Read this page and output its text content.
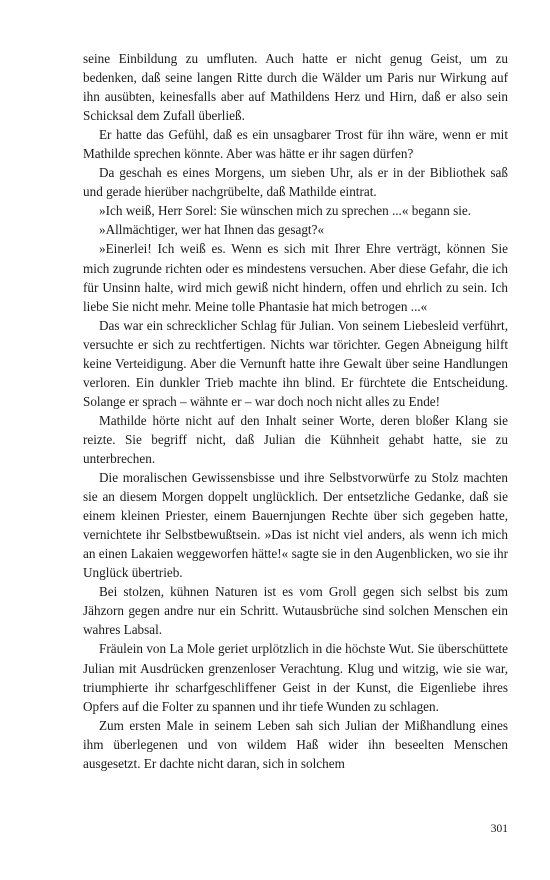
seine Einbildung zu umfluten. Auch hatte er nicht genug Geist, um zu bedenken, daß seine langen Ritte durch die Wälder um Paris nur Wirkung auf ihn ausübten, keinesfalls aber auf Mathildens Herz und Hirn, daß er also sein Schicksal dem Zufall überließ.

Er hatte das Gefühl, daß es ein unsagbarer Trost für ihn wäre, wenn er mit Mathilde sprechen könnte. Aber was hätte er ihr sagen dürfen?

Da geschah es eines Morgens, um sieben Uhr, als er in der Bibliothek saß und gerade hierüber nachgrübelte, daß Mathilde eintrat.

»Ich weiß, Herr Sorel: Sie wünschen mich zu sprechen ...« begann sie.

»Allmächtiger, wer hat Ihnen das gesagt?«

»Einerlei! Ich weiß es. Wenn es sich mit Ihrer Ehre verträgt, können Sie mich zugrunde richten oder es mindestens versuchen. Aber diese Gefahr, die ich für Unsinn halte, wird mich gewiß nicht hindern, offen und ehrlich zu sein. Ich liebe Sie nicht mehr. Meine tolle Phantasie hat mich betrogen ...«

Das war ein schrecklicher Schlag für Julian. Von seinem Liebesleid verführt, versuchte er sich zu rechtfertigen. Nichts war törichter. Gegen Abneigung hilft keine Verteidigung. Aber die Vernunft hatte ihre Gewalt über seine Handlungen verloren. Ein dunkler Trieb machte ihn blind. Er fürchtete die Entscheidung. Solange er sprach – wähnte er – war doch noch nicht alles zu Ende!

Mathilde hörte nicht auf den Inhalt seiner Worte, deren bloßer Klang sie reizte. Sie begriff nicht, daß Julian die Kühnheit gehabt hatte, sie zu unterbrechen.

Die moralischen Gewissensbisse und ihre Selbstvorwürfe zu Stolz machten sie an diesem Morgen doppelt unglücklich. Der entsetzliche Gedanke, daß sie einem kleinen Priester, einem Bauernjungen Rechte über sich gegeben hatte, vernichtete ihr Selbstbewußtsein. »Das ist nicht viel anders, als wenn ich mich an einen Lakaien weggeworfen hätte!« sagte sie in den Augenblicken, wo sie ihr Unglück übertrieb.

Bei stolzen, kühnen Naturen ist es vom Groll gegen sich selbst bis zum Jähzorn gegen andre nur ein Schritt. Wutausbrüche sind solchen Menschen ein wahres Labsal.

Fräulein von La Mole geriet urplötzlich in die höchste Wut. Sie überschüttete Julian mit Ausdrücken grenzenloser Verachtung. Klug und witzig, wie sie war, triumphierte ihr scharfgeschliffener Geist in der Kunst, die Eigenliebe ihres Opfers auf die Folter zu spannen und ihr tiefe Wunden zu schlagen.

Zum ersten Male in seinem Leben sah sich Julian der Mißhandlung eines ihm überlegenen und von wildem Haß wider ihn beseelten Menschen ausgesetzt. Er dachte nicht daran, sich in solchem

301
